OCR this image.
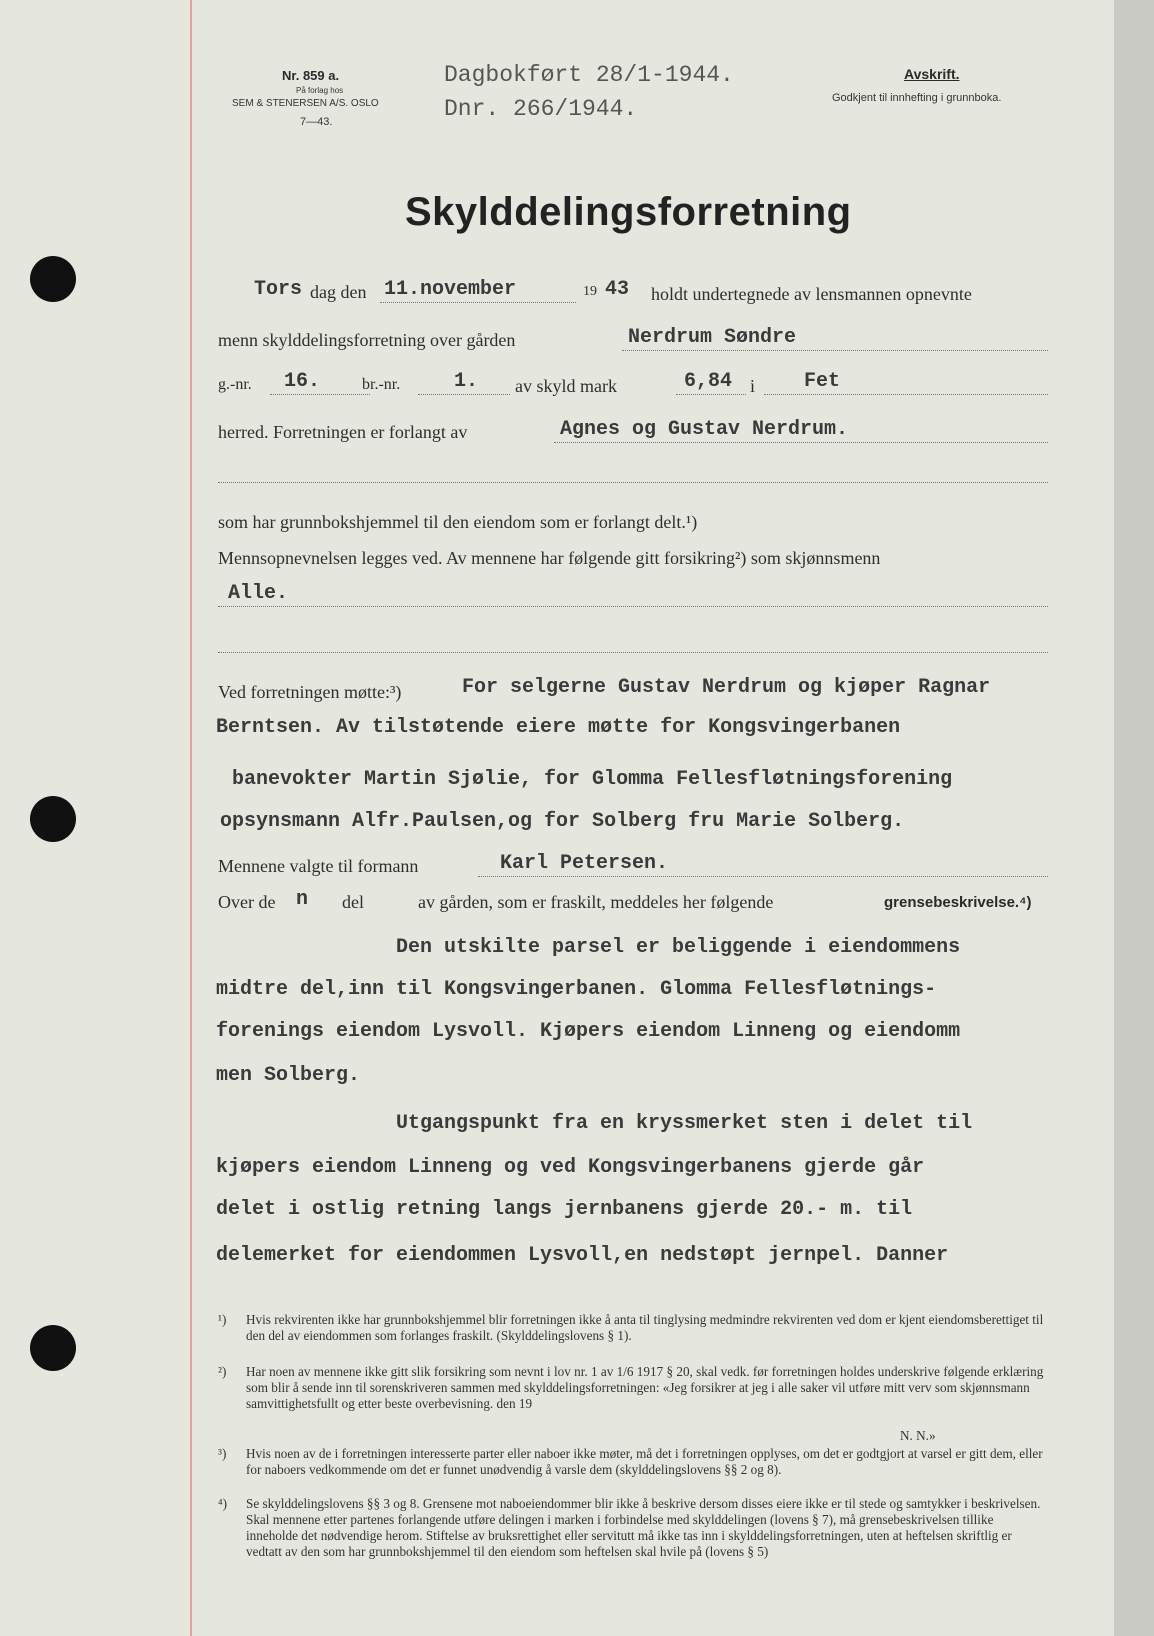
Nr. 859 a.
På forlag hos
SEM & STENERSEN A/S. OSLO
7—43.
Dagbokført 28/1-1944.
Dnr. 266/1944.
Avskrift.
Godkjent til innhefting i grunnboka.
Skylddelingsforretning
Tors dag den 11.november	19 43 holdt undertegnede av lensmannen opnevnte
menn skylddelingsforretning over gården	Nerdrum Søndre
g.-nr. 16.	br.-nr.	1. av skyld mark	6,84 i Fet
herred. Forretningen er forlangt av	Agnes og Gustav Nerdrum.
som har grunnbokshjemmel til den eiendom som er forlangt delt.¹)
Mennsopnevnelsen legges ved. Av mennene har følgende gitt forsikring²) som skjønnsmenn
Alle.
Ved forretningen møtte:³)	For selgerne Gustav Nerdrum og kjøper Ragnar
Berntsen. Av tilstøtende eiere møtte for Kongsvingerbanen
banevokter Martin Sjølie, for Glomma Fellesfløtningsforening
opsynsmann Alfr.Paulsen,og for Solberg fru Marie Solberg.
Mennene valgte til formann	Karl Petersen.
Over de n del	av gården, som er fraskilt, meddeles her følgende	grensebeskrivelse.⁴)
Den utskilte parsel er beliggende i eiendommens
midtre del,inn til Kongsvingerbanen. Glomma Fellesfløtnings-
forenings eiendom Lysvoll. Kjøpers eiendom Linneng og eiendomm
men Solberg.
Utgangspunkt fra en kryssmerket sten i delet til
kjøpers eiendom Linneng og ved Kongsvingerbanens gjerde går
delet i ostlig retning langs jernbanens gjerde 20.- m. til
delemerket for eiendommen Lysvoll,en nedstøpt jernpel. Danner
¹)	Hvis rekvirenten ikke har grunnbokshjemmel blir forretningen ikke å anta til tinglysing medmindre rekvirenten ved dom er kjent eiendomsberettiget til den del av eiendommen som forlanges fraskilt. (Skylddelingslovens § 1).
²)	Har noen av mennene ikke gitt slik forsikring som nevnt i lov nr. 1 av 1/6 1917 § 20, skal vedk. før forretningen holdes underskrive følgende erklæring som blir å sende inn til sorenskriveren sammen med skylddelingsforretningen: «Jeg forsikrer at jeg i alle saker vil utføre mitt verv som skjønnsmann samvittighetsfullt og etter beste overbevisning. den 19
N. N.»
³)	Hvis noen av de i forretningen interesserte parter eller naboer ikke møter, må det i forretningen opplyses, om det er godtgjort at varsel er gitt dem, eller for naboers vedkommende om det er funnet unødvendig å varsle dem (skylddelingslovens §§ 2 og 8).
⁴)	Se skylddelingslovens §§ 3 og 8. Grensene mot naboeiendommer blir ikke å beskrive dersom disses eiere ikke er til stede og samtykker i beskrivelsen. Skal mennene etter partenes forlangende utføre delingen i marken i forbindelse med skylddelingen (lovens § 7), må grensebeskrivelsen tillike inneholde det nødvendige herom. Stiftelse av bruksrettighet eller servitutt må ikke tas inn i skylddelingsforretningen, uten at heftelsen skriftlig er vedtatt av den som har grunnbokshjemmel til den eiendom som heftelsen skal hvile på (lovens § 5)
